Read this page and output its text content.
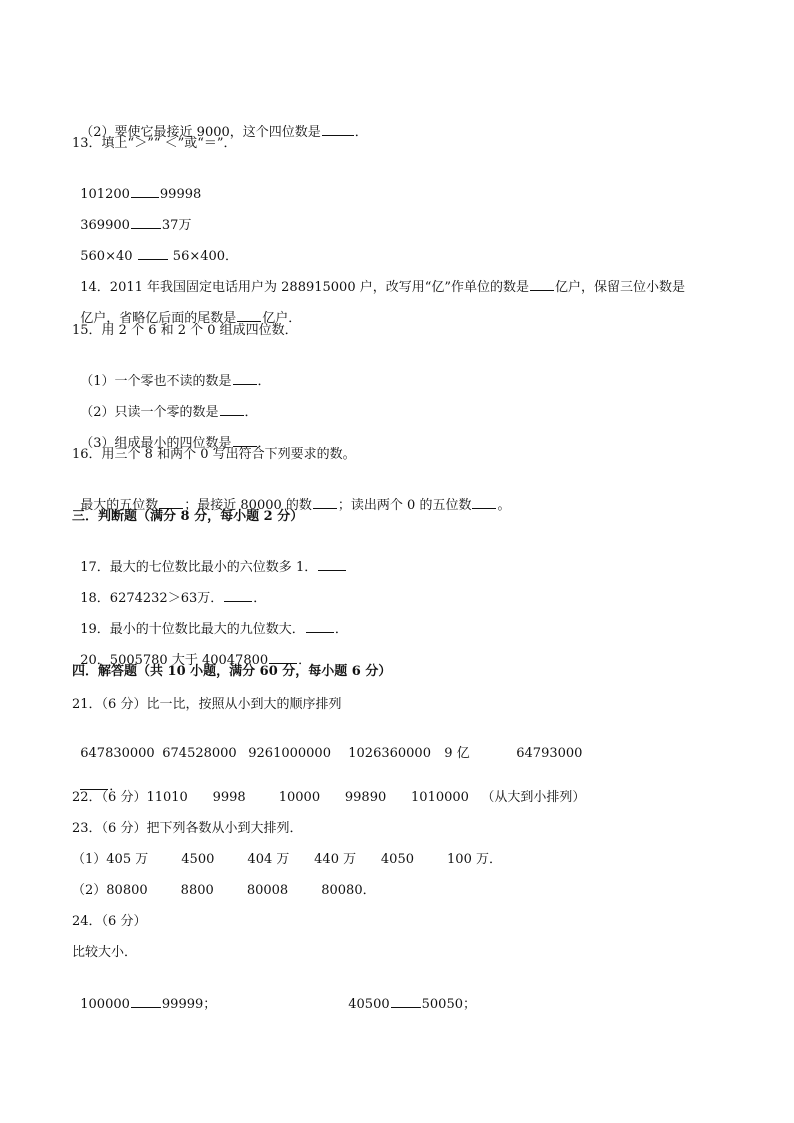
（2）要使它最接近 9000，这个四位数是	．

13．填上“＞”“ ＜”或“＝”．

101200 99998

369900 37万

560×40	56×400．

14．2011 年我国固定电话用户为 288915000 户，改写用“亿”作单位的数是 亿户，保留三位小数是

亿户，省略亿后面的尾数是 亿户．

15．用 2 个 6 和 2 个 0 组成四位数．

（1）一个零也不读的数是 ．

（2）只读一个零的数是 ．

（3）组成最小的四位数是 ．

16．用三个 8 和两个 0 写出符合下列要求的数。

最大的五位数 ；最接近 80000 的数 ；读出两个 0 的五位数 。

三．判断题（满分 8 分，每小题 2 分）

17．最大的七位数比最小的六位数多 1．

18．6274232＞63万． ．

19．最小的十位数比最大的九位数大． ．

20．5005780 大于 40047800 ．

四．解答题（共 10 小题，满分 60 分，每小题 6 分）
21．（6 分）比一比，按照从小到大的顺序排列

647830000 674528000 9261000000 1026360000 9 亿	64793000

．

22．（6 分）11010      9998        10000      99890      1010000   （从大到小排列）
23．（6 分）把下列各数从小到大排列．
（1）405 万        4500        404 万      440 万      4050        100 万．
（2）80800        8800        80008        80080．
24．（6 分）
比较大小．

100000 99999；	40500 50050；
